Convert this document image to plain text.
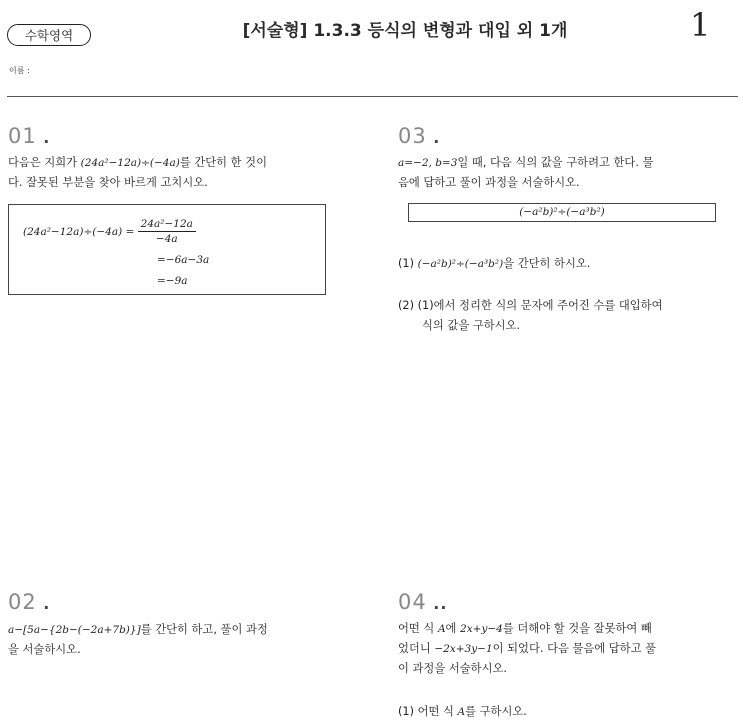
수학영역	[서술형] 1.3.3 등식의 변형과 대입 외 1개	1
이름 :
01 .
다음은 지희가 (24a²−12a)÷(−4a)를 간단히 한 것이
다. 잘못된 부분을 찾아 바르게 고치시오.
$(24a^2-12a)\div(-4a) = \frac{\text{24a²−12a}}{-4a}$
=−6a−3a
=−9a
02 .
a−[5a−{2b−(−2a+7b)}]를 간단히 하고, 풀이 과정
을 서술하시오.
03 .
a=−2, b=3일 때, 다음 식의 값을 구하려고 한다. 물
음에 답하고 풀이 과정을 서술하시오.
(−a²b)²÷(−a³b²)
(1) (−a²b)²÷(−a³b²)을 간단히 하시오.
(2) (1)에서 정리한 식의 문자에 주어진 수를 대입하여
식의 값을 구하시오.
04 ..
어떤 식 A에 2x+y−4를 더해야 할 것을 잘못하여 빼
었더니 −2x+3y−1이 되었다. 다음 물음에 답하고 풀
이 과정을 서술하시오.
(1) 어떤 식 A를 구하시오.
